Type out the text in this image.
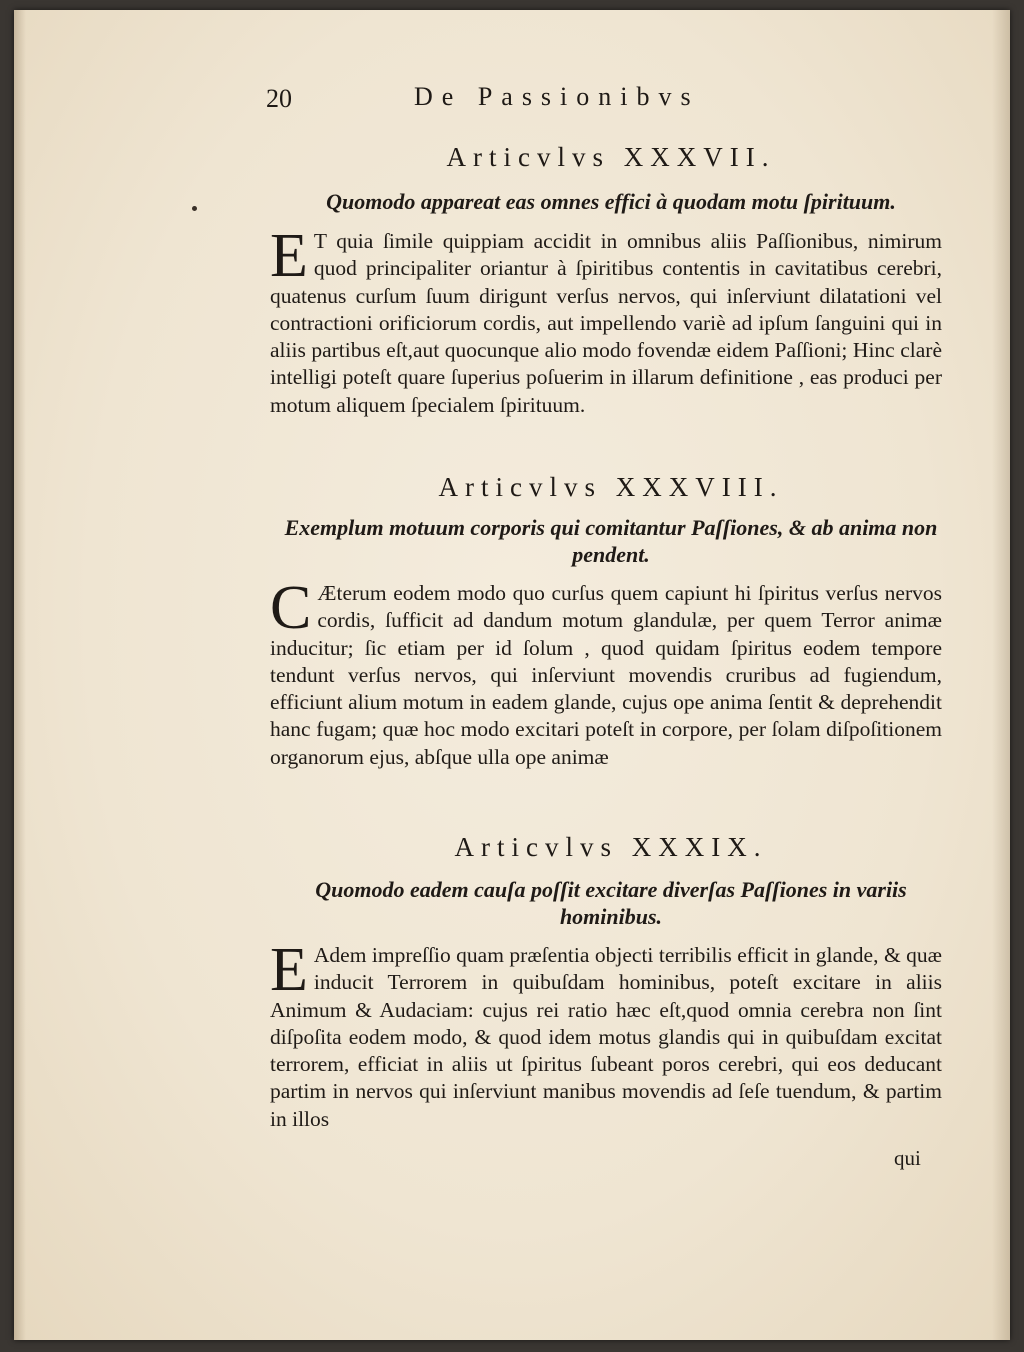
20	De Passionibvs
Articvlvs XXXVII.
Quomodo appareat eas omnes effici à quodam motu ſpirituum.
E T quia ſimile quippiam accidit in omnibus aliis Paſſionibus, nimirum quod principaliter oriantur à ſpiritibus contentis in cavitatibus cerebri, quatenus curſum ſuum dirigunt verſus nervos, qui inſerviunt dilatationi vel contractioni orificiorum cordis, aut impellendo variè ad ipſum ſanguini qui in aliis partibus eſt,aut quocunque alio modo fovendæ eidem Paſſioni; Hinc clarè intelligi poteſt quare ſuperius poſuerim in illarum definitione , eas produci per motum aliquem ſpecialem ſpirituum.
Articvlvs XXXVIII.
Exemplum motuum corporis qui comitantur Paſſiones, & ab anima non pendent.
C Æterum eodem modo quo curſus quem capiunt hi ſpiritus verſus nervos cordis, ſufficit ad dandum motum glandulæ, per quem Terror animæ inducitur; ſic etiam per id ſolum , quod quidam ſpiritus eodem tempore tendunt verſus nervos, qui inſerviunt movendis cruribus ad fugiendum, efficiunt alium motum in eadem glande, cujus ope anima ſentit & deprehendit hanc fugam; quæ hoc modo excitari poteſt in corpore, per ſolam diſpoſitionem organorum ejus, abſque ulla ope animæ
Articvlvs XXXIX.
Quomodo eadem cauſa poſſit excitare diverſas Paſſiones in variis hominibus.
E Adem impreſſio quam præſentia objecti terribilis efficit in glande, & quæ inducit Terrorem in quibuſdam hominibus, poteſt excitare in aliis Animum & Audaciam: cujus rei ratio hæc eſt,quod omnia cerebra non ſint diſpoſita eodem modo, & quod idem motus glandis qui in quibuſdam excitat terrorem, efficiat in aliis ut ſpiritus ſubeant poros cerebri, qui eos deducant partim in nervos qui inſerviunt manibus movendis ad ſeſe tuendum, & partim in illos
qui
